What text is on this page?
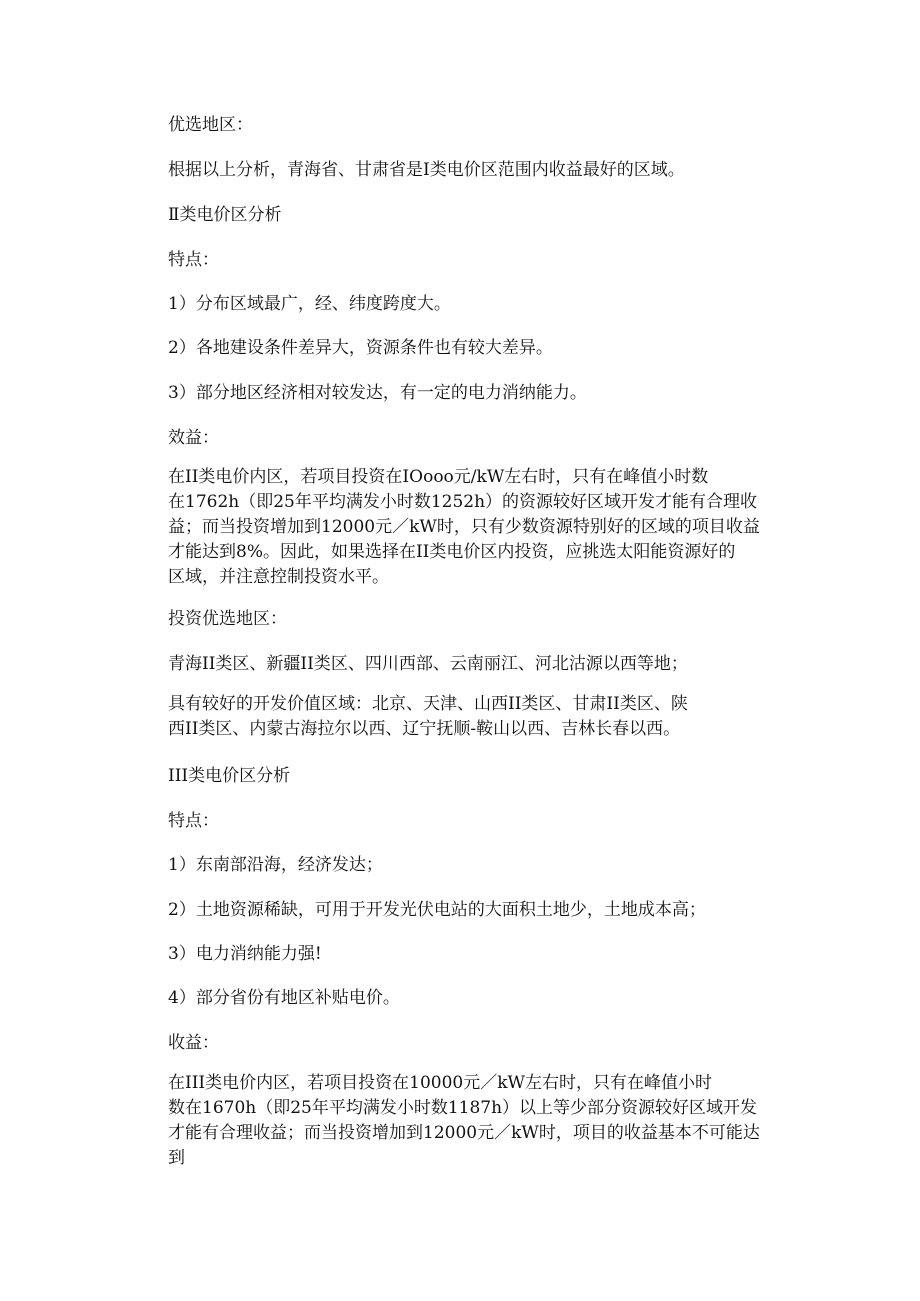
优选地区：

根据以上分析，青海省、甘肃省是Ⅰ类电价区范围内收益最好的区域。

Ⅱ类电价区分析

特点：

1）分布区域最广，经、纬度跨度大。

2）各地建设条件差异大，资源条件也有较大差异。

3）部分地区经济相对较发达，有一定的电力消纳能力。

效益：

在II类电价内区，若项目投资在IOooo元/kW左右时，只有在峰值小时数
在1762h（即25年平均满发小时数1252h）的资源较好区域开发才能有合理收
益；而当投资增加到12000元／kW时，只有少数资源特别好的区域的项目收益
才能达到8%。因此，如果选择在II类电价区内投资，应挑选太阳能资源好的
区域，并注意控制投资水平。

投资优选地区：

青海II类区、新疆II类区、四川西部、云南丽江、河北沽源以西等地；

具有较好的开发价值区域：北京、天津、山西II类区、甘肃II类区、陕
西II类区、内蒙古海拉尔以西、辽宁抚顺-鞍山以西、吉林长春以西。

III类电价区分析

特点：

1）东南部沿海，经济发达；

2）土地资源稀缺，可用于开发光伏电站的大面积土地少，土地成本高；

3）电力消纳能力强!

4）部分省份有地区补贴电价。

收益：

在III类电价内区，若项目投资在10000元／kW左右时，只有在峰值小时
数在1670h（即25年平均满发小时数1187h）以上等少部分资源较好区域开发
才能有合理收益；而当投资增加到12000元／kW时，项目的收益基本不可能达
到
